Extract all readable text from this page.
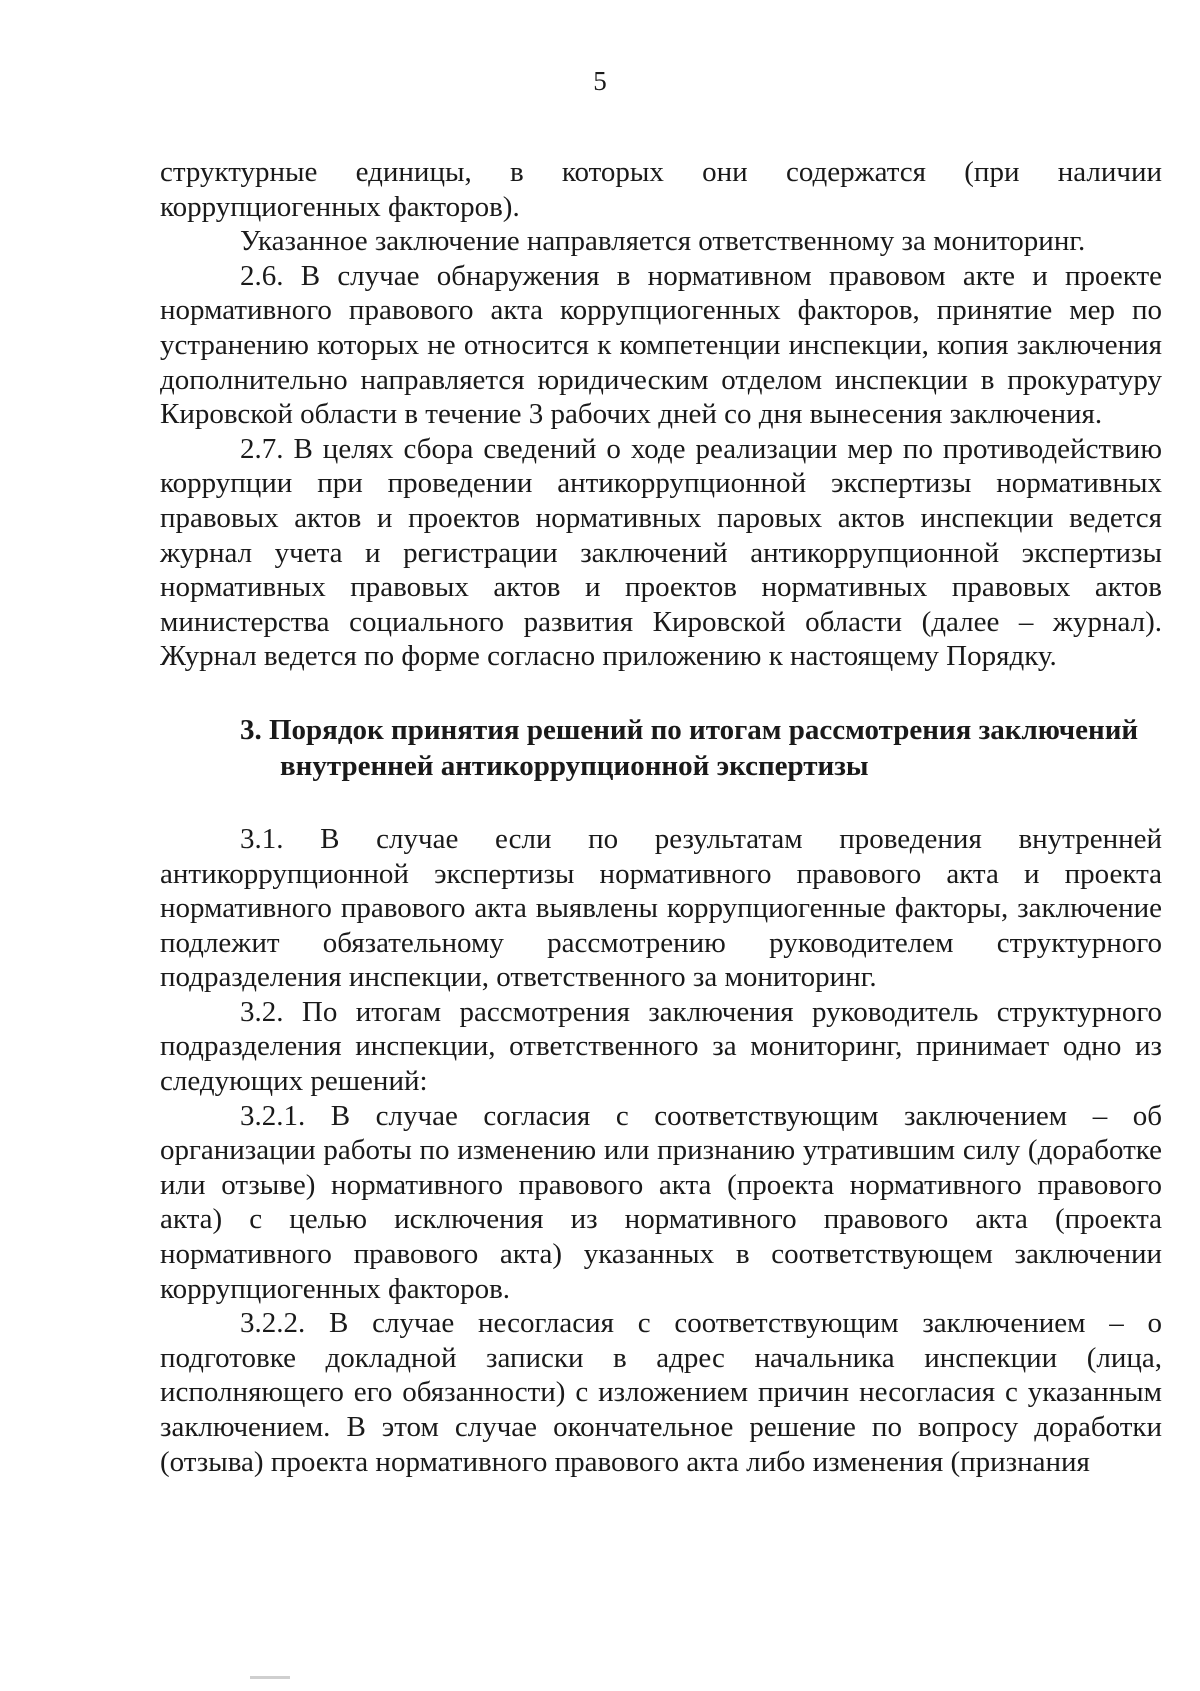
5

структурные единицы, в которых они содержатся (при наличии коррупциогенных факторов).

Указанное заключение направляется ответственному за мониторинг.

2.6. В случае обнаружения в нормативном правовом акте и проекте нормативного правового акта коррупциогенных факторов, принятие мер по устранению которых не относится к компетенции инспекции, копия заключения дополнительно направляется юридическим отделом инспекции в прокуратуру Кировской области в течение 3 рабочих дней со дня вынесения заключения.

2.7. В целях сбора сведений о ходе реализации мер по противодействию коррупции при проведении антикоррупционной экспертизы нормативных правовых актов и проектов нормативных паровых актов инспекции ведется журнал учета и регистрации заключений антикоррупционной экспертизы нормативных правовых актов и проектов нормативных правовых актов министерства социального развития Кировской области (далее – журнал). Журнал ведется по форме согласно приложению к настоящему Порядку.

3. Порядок принятия решений по итогам рассмотрения заключений
внутренней антикоррупционной экспертизы

3.1. В случае если по результатам проведения внутренней антикоррупционной экспертизы нормативного правового акта и проекта нормативного правового акта выявлены коррупциогенные факторы, заключение подлежит обязательному рассмотрению руководителем структурного подразделения инспекции, ответственного за мониторинг.

3.2. По итогам рассмотрения заключения руководитель структурного подразделения инспекции, ответственного за мониторинг, принимает одно из следующих решений:

3.2.1. В случае согласия с соответствующим заключением – об организации работы по изменению или признанию утратившим силу (доработке или отзыве) нормативного правового акта (проекта нормативного правового акта) с целью исключения из нормативного правового акта (проекта нормативного правового акта) указанных в соответствующем заключении коррупциогенных факторов.

3.2.2. В случае несогласия с соответствующим заключением – о подготовке докладной записки в адрес начальника инспекции (лица, исполняющего его обязанности) с изложением причин несогласия с указанным заключением. В этом случае окончательное решение по вопросу доработки (отзыва) проекта нормативного правового акта либо изменения (признания
